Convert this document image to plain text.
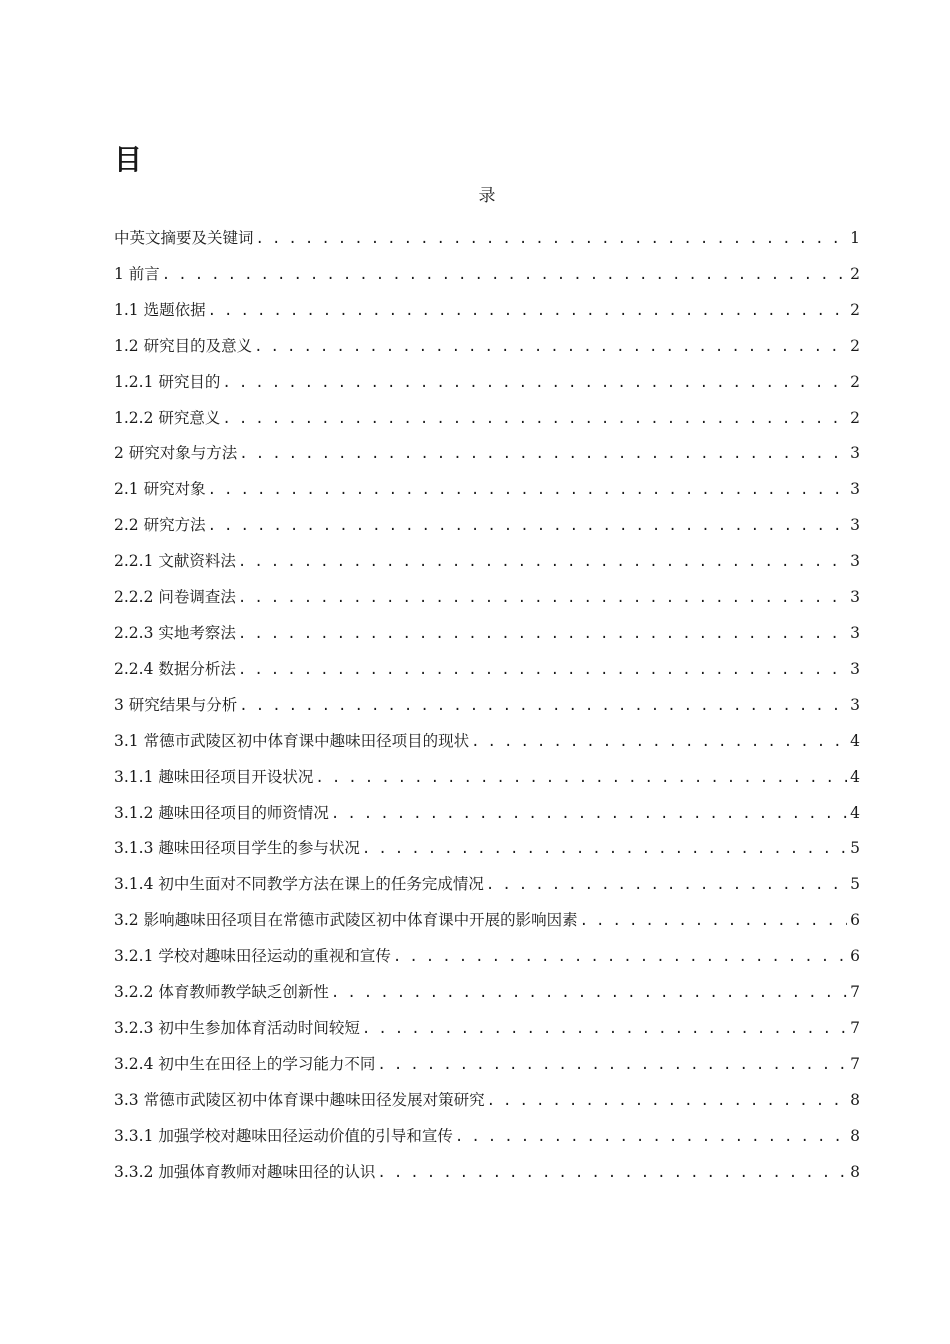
目
录
中英文摘要及关键词 . . .	1
1 前言 . . .	2
1.1 选题依据 . . .	2
1.2 研究目的及意义 . . .	2
1.2.1 研究目的 . . .	2
1.2.2 研究意义 . . .	2
2 研究对象与方法 . . .	3
2.1 研究对象 . . .	3
2.2 研究方法 . . .	3
2.2.1 文献资料法 . . .	3
2.2.2 问卷调查法 . . .	3
2.2.3 实地考察法 . . .	3
2.2.4 数据分析法 . . .	3
3 研究结果与分析 . . .	3
3.1 常德市武陵区初中体育课中趣味田径项目的现状 . . .	4
3.1.1 趣味田径项目开设状况 . . .	4
3.1.2 趣味田径项目的师资情况 . . .	4
3.1.3 趣味田径项目学生的参与状况 . . .	5
3.1.4 初中生面对不同教学方法在课上的任务完成情况 . . .	5
3.2 影响趣味田径项目在常德市武陵区初中体育课中开展的影响因素 . . .	6
3.2.1 学校对趣味田径运动的重视和宣传 . . .	6
3.2.2 体育教师教学缺乏创新性 . . .	7
3.2.3 初中生参加体育活动时间较短 . . .	7
3.2.4 初中生在田径上的学习能力不同 . . .	7
3.3 常德市武陵区初中体育课中趣味田径发展对策研究 . . .	8
3.3.1 加强学校对趣味田径运动价值的引导和宣传 . . .	8
3.3.2 加强体育教师对趣味田径的认识 . . .	8
